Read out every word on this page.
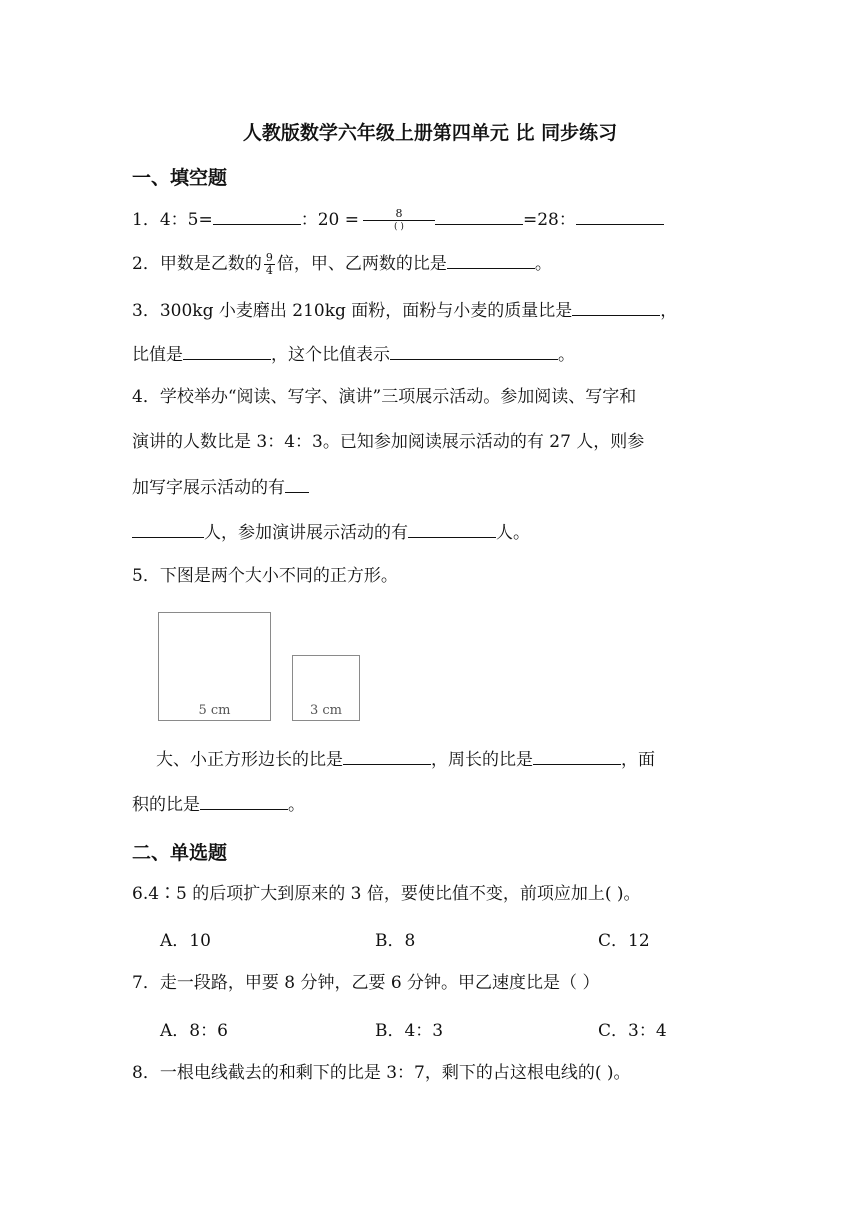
人教版数学六年级上册第四单元 比 同步练习
一、填空题
1．4：5=	：$20 = \frac{8}{( )}$	=28：
2．甲数是乙数的 $\frac{9}{4}$ 倍，甲、乙两数的比是	。
3．300kg 小麦磨出 210kg 面粉，面粉与小麦的质量比是	，
比值是	，这个比值表示	。
4．学校举办“阅读、写字、演讲”三项展示活动。参加阅读、写字和
演讲的人数比是 3：4：3。已知参加阅读展示活动的有 27 人，则参
加写字展示活动的有
人，参加演讲展示活动的有	人。
5．下图是两个大小不同的正方形。
5 cm	3 cm
大、小正方形边长的比是	，周长的比是	，面
积的比是	。
二、单选题
6.4∶5 的后项扩大到原来的 3 倍，要使比值不变，前项应加上( )。
A．10	B．8	C．12
7．走一段路，甲要 8 分钟，乙要 6 分钟。甲乙速度比是（ ）
A．8：6	B．4：3	C．3：4
8．一根电线截去的和剩下的比是 3：7，剩下的占这根电线的( )。
